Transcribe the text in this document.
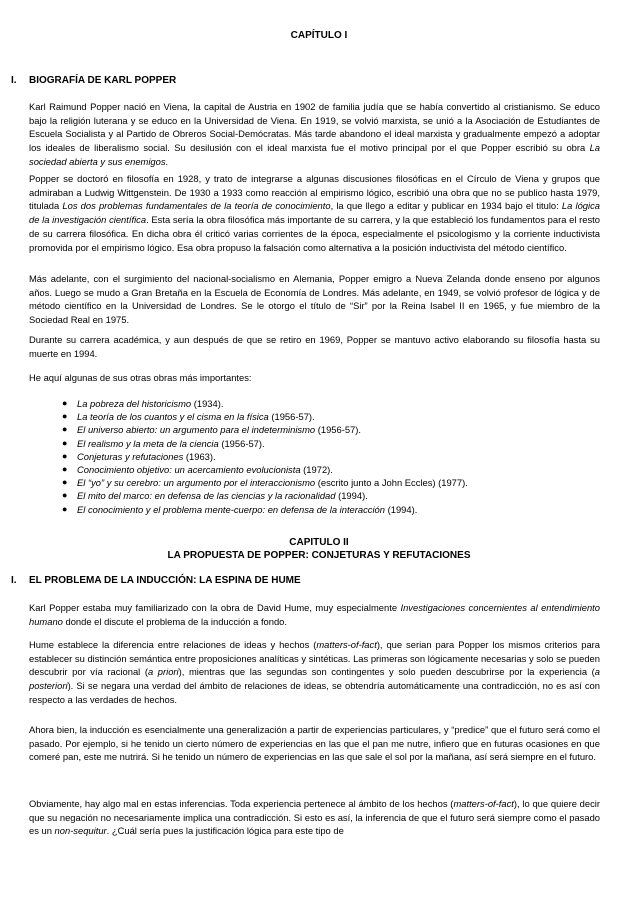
CAPÍTULO I
I. BIOGRAFÍA DE KARL POPPER
Karl Raimund Popper nació en Viena, la capital de Austria en 1902 de familia judía que se había convertido al cristianismo. Se educo bajo la religión luterana y se educo en la Universidad de Viena. En 1919, se volvió marxista, se unió a la Asociación de Estudiantes de Escuela Socialista y al Partido de Obreros Social-Demócratas. Más tarde abandono el ideal marxista y gradualmente empezó a adoptar los ideales de liberalismo social. Su desilusión con el ideal marxista fue el motivo principal por el que Popper escribió su obra La sociedad abierta y sus enemigos.
Popper se doctoró en filosofía en 1928, y trato de integrarse a algunas discusiones filosóficas en el Círculo de Viena y grupos que admiraban a Ludwig Wittgenstein. De 1930 a 1933 como reacción al empirismo lógico, escribió una obra que no se publico hasta 1979, titulada Los dos problemas fundamentales de la teoría de conocimiento, la que llego a editar y publicar en 1934 bajo el titulo: La lógica de la investigación científica. Esta sería la obra filosófica más importante de su carrera, y la que estableció los fundamentos para el resto de su carrera filosófica. En dicha obra él criticó varias corrientes de la época, especialmente el psicologismo y la corriente inductivista promovida por el empirismo lógico. Esa obra propuso la falsación como alternativa a la posición inductivista del método científico.
Más adelante, con el surgimiento del nacional-socialismo en Alemania, Popper emigro a Nueva Zelanda donde enseno por algunos años. Luego se mudo a Gran Bretaña en la Escuela de Economía de Londres. Más adelante, en 1949, se volvió profesor de lógica y de método científico en la Universidad de Londres. Se le otorgo el título de “Sir” por la Reina Isabel II en 1965, y fue miembro de la Sociedad Real en 1975.
Durante su carrera académica, y aun después de que se retiro en 1969, Popper se mantuvo activo elaborando su filosofía hasta su muerte en 1994.
He aquí algunas de sus otras obras más importantes:
● La pobreza del historicismo (1934).
● La teoría de los cuantos y el cisma en la física (1956-57).
● El universo abierto: un argumento para el indeterminismo (1956-57).
● El realismo y la meta de la ciencia (1956-57).
● Conjeturas y refutaciones (1963).
● Conocimiento objetivo: un acercamiento evolucionista (1972).
● El “yo” y su cerebro: un argumento por el interaccionismo (escrito junto a John Eccles) (1977).
● El mito del marco: en defensa de las ciencias y la racionalidad (1994).
● El conocimiento y el problema mente-cuerpo: en defensa de la interacción (1994).
CAPITULO II
LA PROPUESTA DE POPPER: CONJETURAS Y REFUTACIONES
I. EL PROBLEMA DE LA INDUCCIÓN: LA ESPINA DE HUME
Karl Popper estaba muy familiarizado con la obra de David Hume, muy especialmente Investigaciones concernientes al entendimiento humano donde el discute el problema de la inducción a fondo.
Hume establece la diferencia entre relaciones de ideas y hechos (matters-of-fact), que serian para Popper los mismos criterios para establecer su distinción semántica entre proposiciones analíticas y sintéticas. Las primeras son lógicamente necesarias y solo se pueden descubrir por vía racional (a priori), mientras que las segundas son contingentes y solo pueden descubrirse por la experiencia (a posteriori). Si se negara una verdad del ámbito de relaciones de ideas, se obtendría automáticamente una contradicción, no es así con respecto a las verdades de hechos.
Ahora bien, la inducción es esencialmente una generalización a partir de experiencias particulares, y “predice” que el futuro será como el pasado. Por ejemplo, si he tenido un cierto número de experiencias en las que el pan me nutre, infiero que en futuras ocasiones en que comeré pan, este me nutrirá. Si he tenido un número de experiencias en las que sale el sol por la mañana, así será siempre en el futuro.
Obviamente, hay algo mal en estas inferencias. Toda experiencia pertenece al ámbito de los hechos (matters-of-fact), lo que quiere decir que su negación no necesariamente implica una contradicción. Si esto es así, la inferencia de que el futuro será siempre como el pasado es un non-sequitur. ¿Cuál sería pues la justificación lógica para este tipo de
